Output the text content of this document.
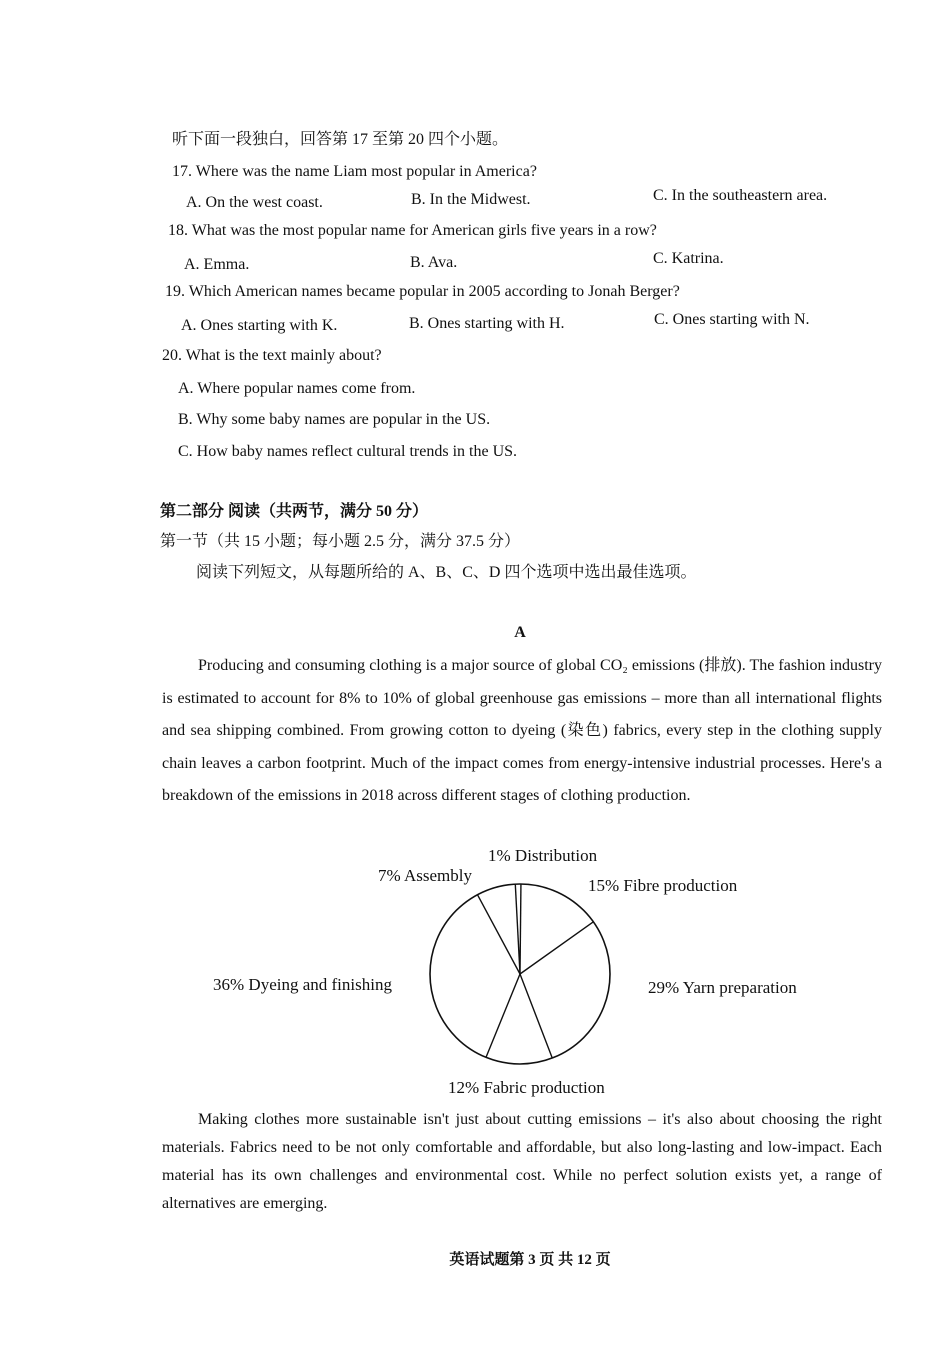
听下面一段独白，回答第 17 至第 20 四个小题。
17. Where was the name Liam most popular in America?
A. On the west coast.	B. In the Midwest.	C. In the southeastern area.
18. What was the most popular name for American girls five years in a row?
A. Emma.	B. Ava.	C. Katrina.
19. Which American names became popular in 2005 according to Jonah Berger?
A. Ones starting with K.	B. Ones starting with H.	C. Ones starting with N.
20. What is the text mainly about?
A. Where popular names come from.
B. Why some baby names are popular in the US.
C. How baby names reflect cultural trends in the US.
第二部分 阅读（共两节，满分 50 分）
第一节（共 15 小题；每小题 2.5 分，满分 37.5 分）
阅读下列短文，从每题所给的 A、B、C、D 四个选项中选出最佳选项。
A
Producing and consuming clothing is a major source of global CO₂ emissions (排放). The fashion industry is estimated to account for 8% to 10% of global greenhouse gas emissions – more than all international flights and sea shipping combined. From growing cotton to dyeing (染色) fabrics, every step in the clothing supply chain leaves a carbon footprint. Much of the impact comes from energy-intensive industrial processes. Here's a breakdown of the emissions in 2018 across different stages of clothing production.
1% Distribution
15% Fibre production
29% Yarn preparation
12% Fabric production
36% Dyeing and finishing
7% Assembly
Making clothes more sustainable isn't just about cutting emissions – it's also about choosing the right materials. Fabrics need to be not only comfortable and affordable, but also long-lasting and low-impact. Each material has its own challenges and environmental cost. While no perfect solution exists yet, a range of alternatives are emerging.
英语试题第 3 页 共 12 页
